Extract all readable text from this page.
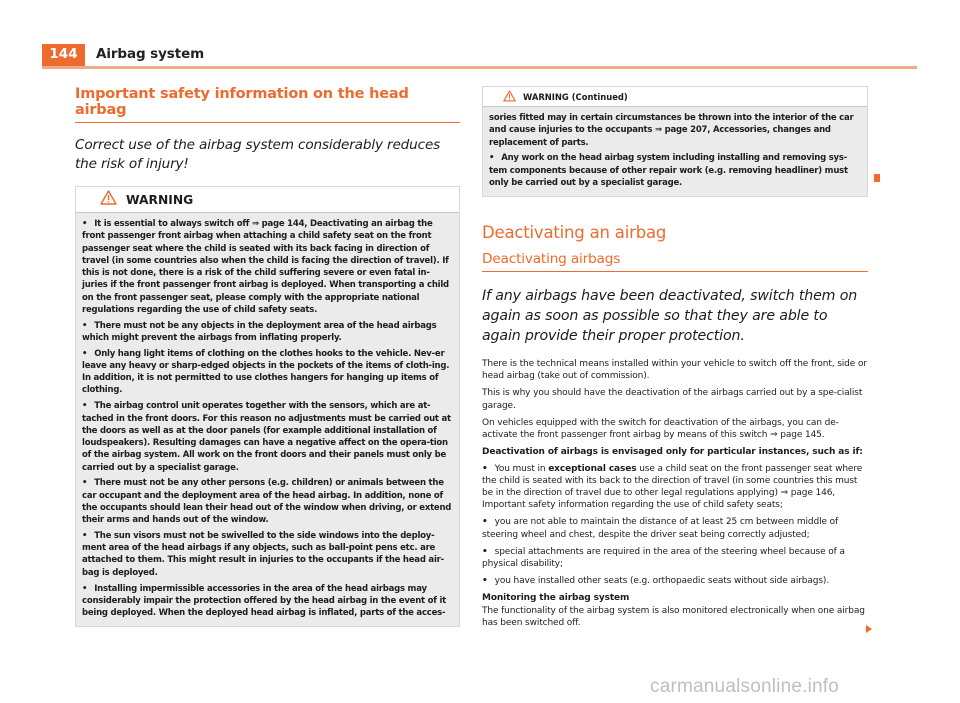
144	Airbag system
Important safety information on the head airbag
Correct use of the airbag system considerably reduces the risk of injury!
WARNING

• It is essential to always switch off ⇒ page 144, Deactivating an airbag the front passenger front airbag when attaching a child safety seat on the front passenger seat where the child is seated with its back facing in direction of travel (in some countries also when the child is facing the direction of travel). If this is not done, there is a risk of the child suffering severe or even fatal in-juries if the front passenger front airbag is deployed. When transporting a child on the front passenger seat, please comply with the appropriate national regulations regarding the use of child safety seats.

• There must not be any objects in the deployment area of the head airbags which might prevent the airbags from inflating properly.

• Only hang light items of clothing on the clothes hooks to the vehicle. Nev-er leave any heavy or sharp-edged objects in the pockets of the items of cloth-ing. In addition, it is not permitted to use clothes hangers for hanging up items of clothing.

• The airbag control unit operates together with the sensors, which are at-tached in the front doors. For this reason no adjustments must be carried out at the doors as well as at the door panels (for example additional installation of loudspeakers). Resulting damages can have a negative affect on the opera-tion of the airbag system. All work on the front doors and their panels must only be carried out by a specialist garage.

• There must not be any other persons (e.g. children) or animals between the car occupant and the deployment area of the head airbag. In addition, none of the occupants should lean their head out of the window when driving, or extend their arms and hands out of the window.

• The sun visors must not be swivelled to the side windows into the deploy-ment area of the head airbags if any objects, such as ball-point pens etc. are attached to them. This might result in injuries to the occupants if the head air-bag is deployed.

• Installing impermissible accessories in the area of the head airbags may considerably impair the protection offered by the head airbag in the event of it being deployed. When the deployed head airbag is inflated, parts of the acces-

WARNING (Continued)

sories fitted may in certain circumstances be thrown into the interior of the car and cause injuries to the occupants ⇒ page 207, Accessories, changes and replacement of parts.

• Any work on the head airbag system including installing and removing sys-tem components because of other repair work (e.g. removing headliner) must only be carried out by a specialist garage.

Deactivating an airbag
Deactivating airbags
If any airbags have been deactivated, switch them on again as soon as possible so that they are able to again provide their proper protection.

There is the technical means installed within your vehicle to switch off the front, side or head airbag (take out of commission).

This is why you should have the deactivation of the airbags carried out by a spe-cialist garage.

On vehicles equipped with the switch for deactivation of the airbags, you can de-activate the front passenger front airbag by means of this switch ⇒ page 145.

Deactivation of airbags is envisaged only for particular instances, such as if:

• You must in exceptional cases use a child seat on the front passenger seat where the child is seated with its back to the direction of travel (in some countries this must be in the direction of travel due to other legal regulations applying) ⇒ page 146, Important safety information regarding the use of child safety seats;

• you are not able to maintain the distance of at least 25 cm between middle of steering wheel and chest, despite the driver seat being correctly adjusted;

• special attachments are required in the area of the steering wheel because of a physical disability;

• you have installed other seats (e.g. orthopaedic seats without side airbags).

Monitoring the airbag system

The functionality of the airbag system is also monitored electronically when one airbag has been switched off.

carmanualsonline.info
